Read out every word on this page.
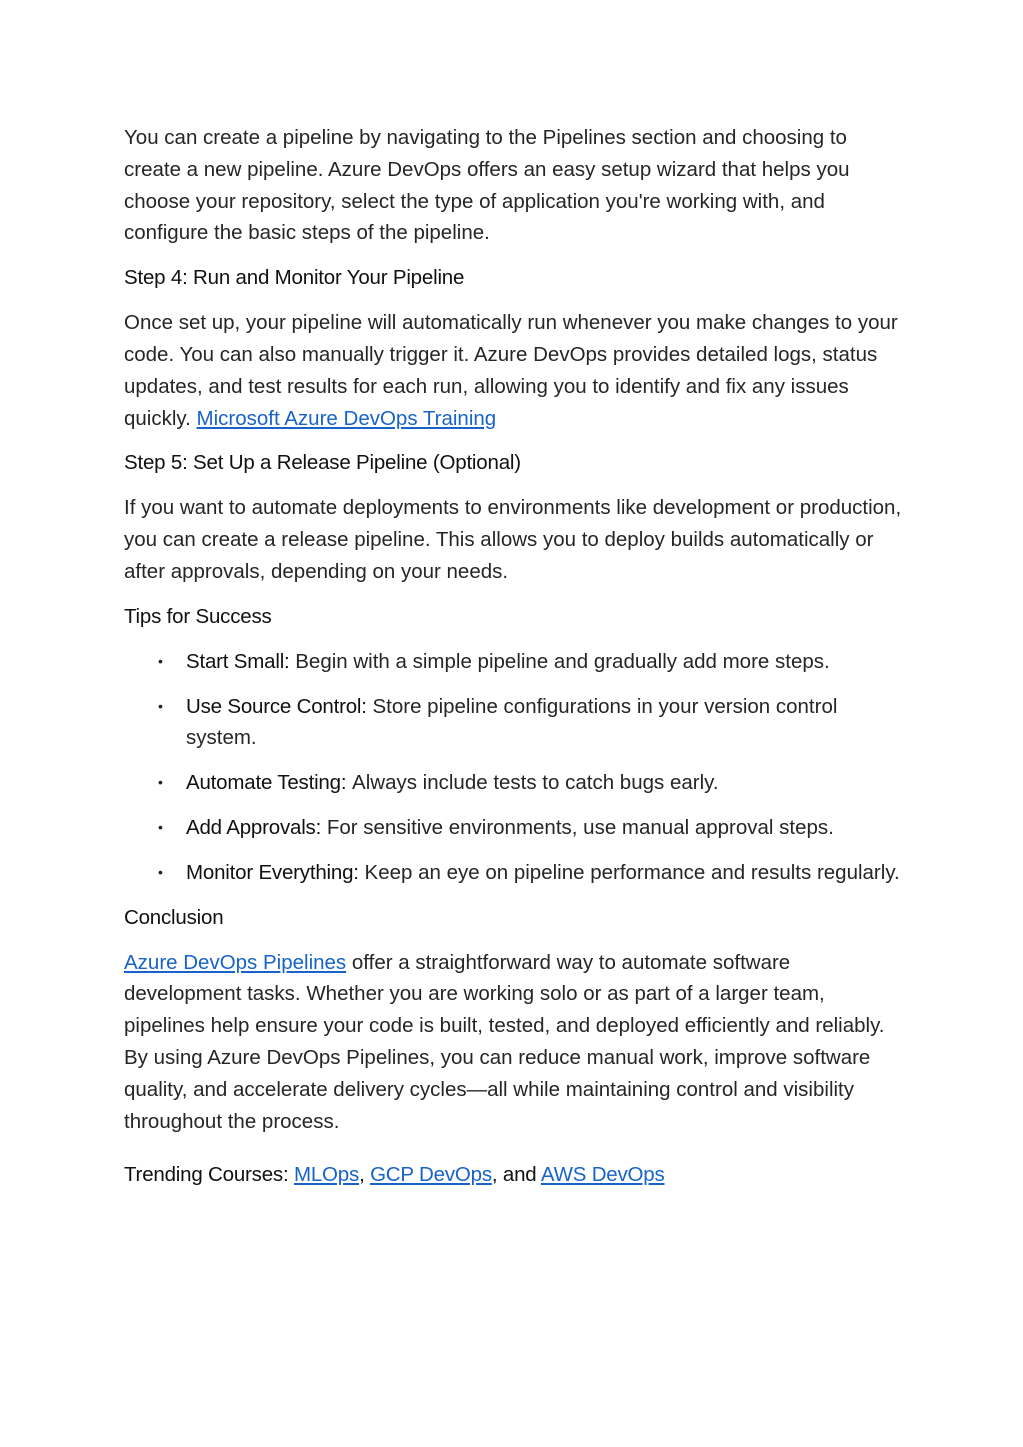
You can create a pipeline by navigating to the Pipelines section and choosing to create a new pipeline. Azure DevOps offers an easy setup wizard that helps you choose your repository, select the type of application you're working with, and configure the basic steps of the pipeline.

Step 4: Run and Monitor Your Pipeline

Once set up, your pipeline will automatically run whenever you make changes to your code. You can also manually trigger it. Azure DevOps provides detailed logs, status updates, and test results for each run, allowing you to identify and fix any issues quickly. Microsoft Azure DevOps Training

Step 5: Set Up a Release Pipeline (Optional)

If you want to automate deployments to environments like development or production, you can create a release pipeline. This allows you to deploy builds automatically or after approvals, depending on your needs.

Tips for Success
• Start Small: Begin with a simple pipeline and gradually add more steps.
• Use Source Control: Store pipeline configurations in your version control system.
• Automate Testing: Always include tests to catch bugs early.
• Add Approvals: For sensitive environments, use manual approval steps.
• Monitor Everything: Keep an eye on pipeline performance and results regularly.
Conclusion

Azure DevOps Pipelines offer a straightforward way to automate software development tasks. Whether you are working solo or as part of a larger team, pipelines help ensure your code is built, tested, and deployed efficiently and reliably. By using Azure DevOps Pipelines, you can reduce manual work, improve software quality, and accelerate delivery cycles—all while maintaining control and visibility throughout the process.

Trending Courses: MLOps, GCP DevOps, and AWS DevOps
